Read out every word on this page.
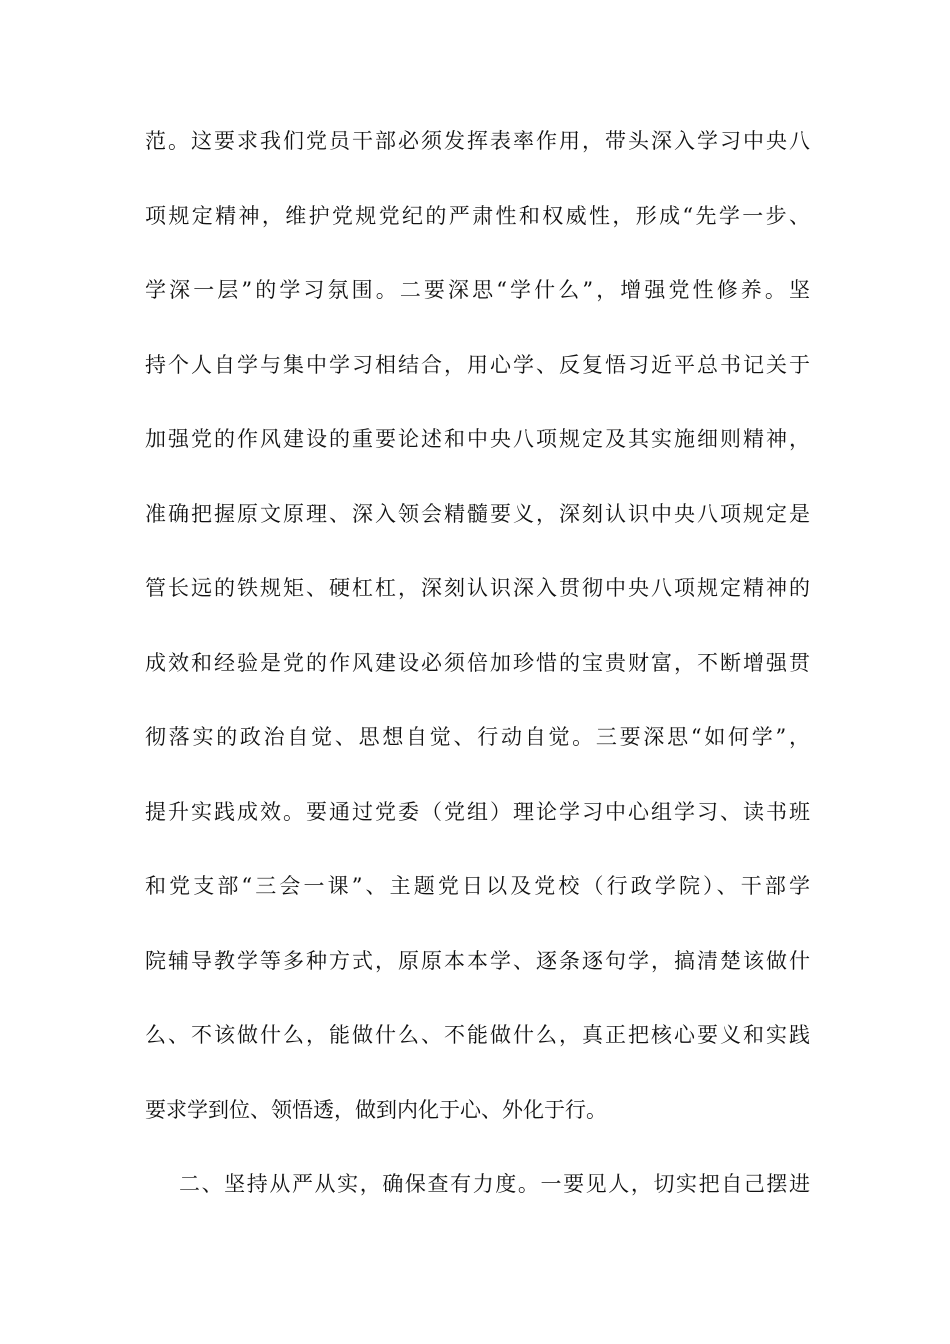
范。这要求我们党员干部必须发挥表率作用，带头深入学习中央八
项规定精神，维护党规党纪的严肃性和权威性，形成“先学一步、
学深一层”的学习氛围。二要深思“学什么”，增强党性修养。坚
持个人自学与集中学习相结合，用心学、反复悟习近平总书记关于
加强党的作风建设的重要论述和中央八项规定及其实施细则精神，
准确把握原文原理、深入领会精髓要义，深刻认识中央八项规定是
管长远的铁规矩、硬杠杠，深刻认识深入贯彻中央八项规定精神的
成效和经验是党的作风建设必须倍加珍惜的宝贵财富，不断增强贯
彻落实的政治自觉、思想自觉、行动自觉。三要深思“如何学”，
提升实践成效。要通过党委（党组）理论学习中心组学习、读书班
和党支部“三会一课”、主题党日以及党校（行政学院）、干部学
院辅导教学等多种方式，原原本本学、逐条逐句学，搞清楚该做什
么、不该做什么，能做什么、不能做什么，真正把核心要义和实践
要求学到位、领悟透，做到内化于心、外化于行。
二、坚持从严从实，确保查有力度。一要见人，切实把自己摆进
